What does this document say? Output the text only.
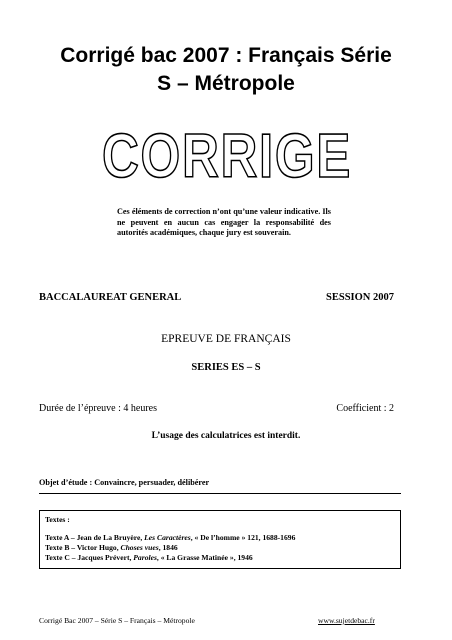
Corrigé bac 2007 : Français Série
S – Métropole
CORRIGE
Ces éléments de correction n’ont qu’une valeur indicative. Ils ne peuvent en aucun cas engager la responsabilité des autorités académiques, chaque jury est souverain.
BACCALAUREAT GENERAL	SESSION 2007
EPREUVE DE FRANÇAIS
SERIES ES – S
Durée de l’épreuve : 4 heures	Coefficient : 2
L’usage des calculatrices est interdit.
Objet d’étude : Convaincre, persuader, délibérer
Textes :
Texte A – Jean de La Bruyère, Les Caractères, « De l’homme » 121, 1688-1696
Texte B – Victor Hugo, Choses vues, 1846
Texte C – Jacques Prévert, Paroles, « La Grasse Matinée », 1946
Corrigé Bac 2007 – Série S – Français – Métropole	www.sujetdebac.fr
